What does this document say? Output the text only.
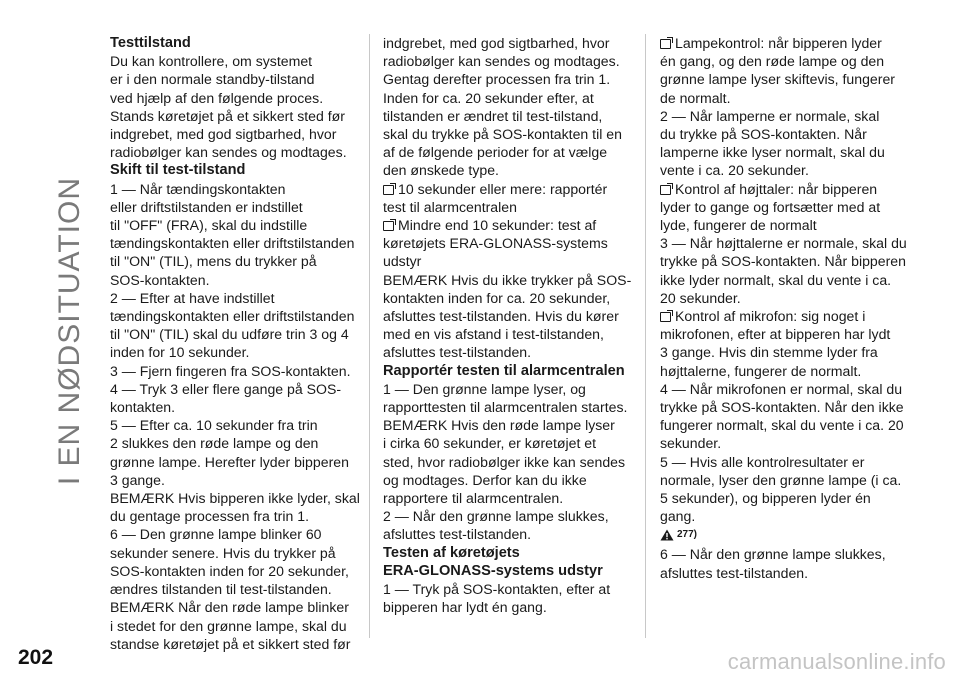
I EN NØDSITUATION
Testtilstand

Du kan kontrollere, om systemet

er i den normale standby-tilstand

ved hjælp af den følgende proces.

Stands køretøjet på et sikkert sted før

indgrebet, med god sigtbarhed, hvor

radiobølger kan sendes og modtages.

Skift til test-tilstand

1 — Når tændingskontakten

eller driftstilstanden er indstillet

til "OFF" (FRA), skal du indstille

tændingskontakten eller driftstilstanden

til "ON" (TIL), mens du trykker på

SOS-kontakten.

2 — Efter at have indstillet

tændingskontakten eller driftstilstanden

til "ON" (TIL) skal du udføre trin 3 og 4

inden for 10 sekunder.

3 — Fjern fingeren fra SOS-kontakten.

4 — Tryk 3 eller flere gange på SOS-

kontakten.

5 — Efter ca. 10 sekunder fra trin

2 slukkes den røde lampe og den

grønne lampe. Herefter lyder bipperen

3 gange.

BEMÆRK Hvis bipperen ikke lyder, skal

du gentage processen fra trin 1.

6 — Den grønne lampe blinker 60

sekunder senere. Hvis du trykker på

SOS-kontakten inden for 20 sekunder,

ændres tilstanden til test-tilstanden.

BEMÆRK Når den røde lampe blinker

i stedet for den grønne lampe, skal du

standse køretøjet på et sikkert sted før

indgrebet, med god sigtbarhed, hvor

radiobølger kan sendes og modtages.

Gentag derefter processen fra trin 1.

Inden for ca. 20 sekunder efter, at

tilstanden er ændret til test-tilstand,

skal du trykke på SOS-kontakten til en

af de følgende perioder for at vælge

den ønskede type.

10 sekunder eller mere: rapportér

test til alarmcentralen

Mindre end 10 sekunder: test af

køretøjets ERA-GLONASS-systems

udstyr

BEMÆRK Hvis du ikke trykker på SOS-

kontakten inden for ca. 20 sekunder,

afsluttes test-tilstanden. Hvis du kører

med en vis afstand i test-tilstanden,

afsluttes test-tilstanden.

Rapportér testen til alarmcentralen

1 — Den grønne lampe lyser, og

rapporttesten til alarmcentralen startes.

BEMÆRK Hvis den røde lampe lyser

i cirka 60 sekunder, er køretøjet et

sted, hvor radiobølger ikke kan sendes

og modtages. Derfor kan du ikke

rapportere til alarmcentralen.

2 — Når den grønne lampe slukkes,

afsluttes test-tilstanden.

Testen af køretøjets
ERA-GLONASS-systems udstyr

1 — Tryk på SOS-kontakten, efter at

bipperen har lydt én gang.

Lampekontrol: når bipperen lyder

én gang, og den røde lampe og den

grønne lampe lyser skiftevis, fungerer

de normalt.

2 — Når lamperne er normale, skal

du trykke på SOS-kontakten. Når

lamperne ikke lyser normalt, skal du

vente i ca. 20 sekunder.

Kontrol af højttaler: når bipperen

lyder to gange og fortsætter med at

lyde, fungerer de normalt

3 — Når højttalerne er normale, skal du

trykke på SOS-kontakten. Når bipperen

ikke lyder normalt, skal du vente i ca.

20 sekunder.

Kontrol af mikrofon: sig noget i

mikrofonen, efter at bipperen har lydt

3 gange. Hvis din stemme lyder fra

højttalerne, fungerer de normalt.

4 — Når mikrofonen er normal, skal du

trykke på SOS-kontakten. Når den ikke

fungerer normalt, skal du vente i ca. 20

sekunder.

5 — Hvis alle kontrolresultater er

normale, lyser den grønne lampe (i ca.

5 sekunder), og bipperen lyder én

gang.

277)

6 — Når den grønne lampe slukkes,

afsluttes test-tilstanden.

202	carmanualsonline.info
